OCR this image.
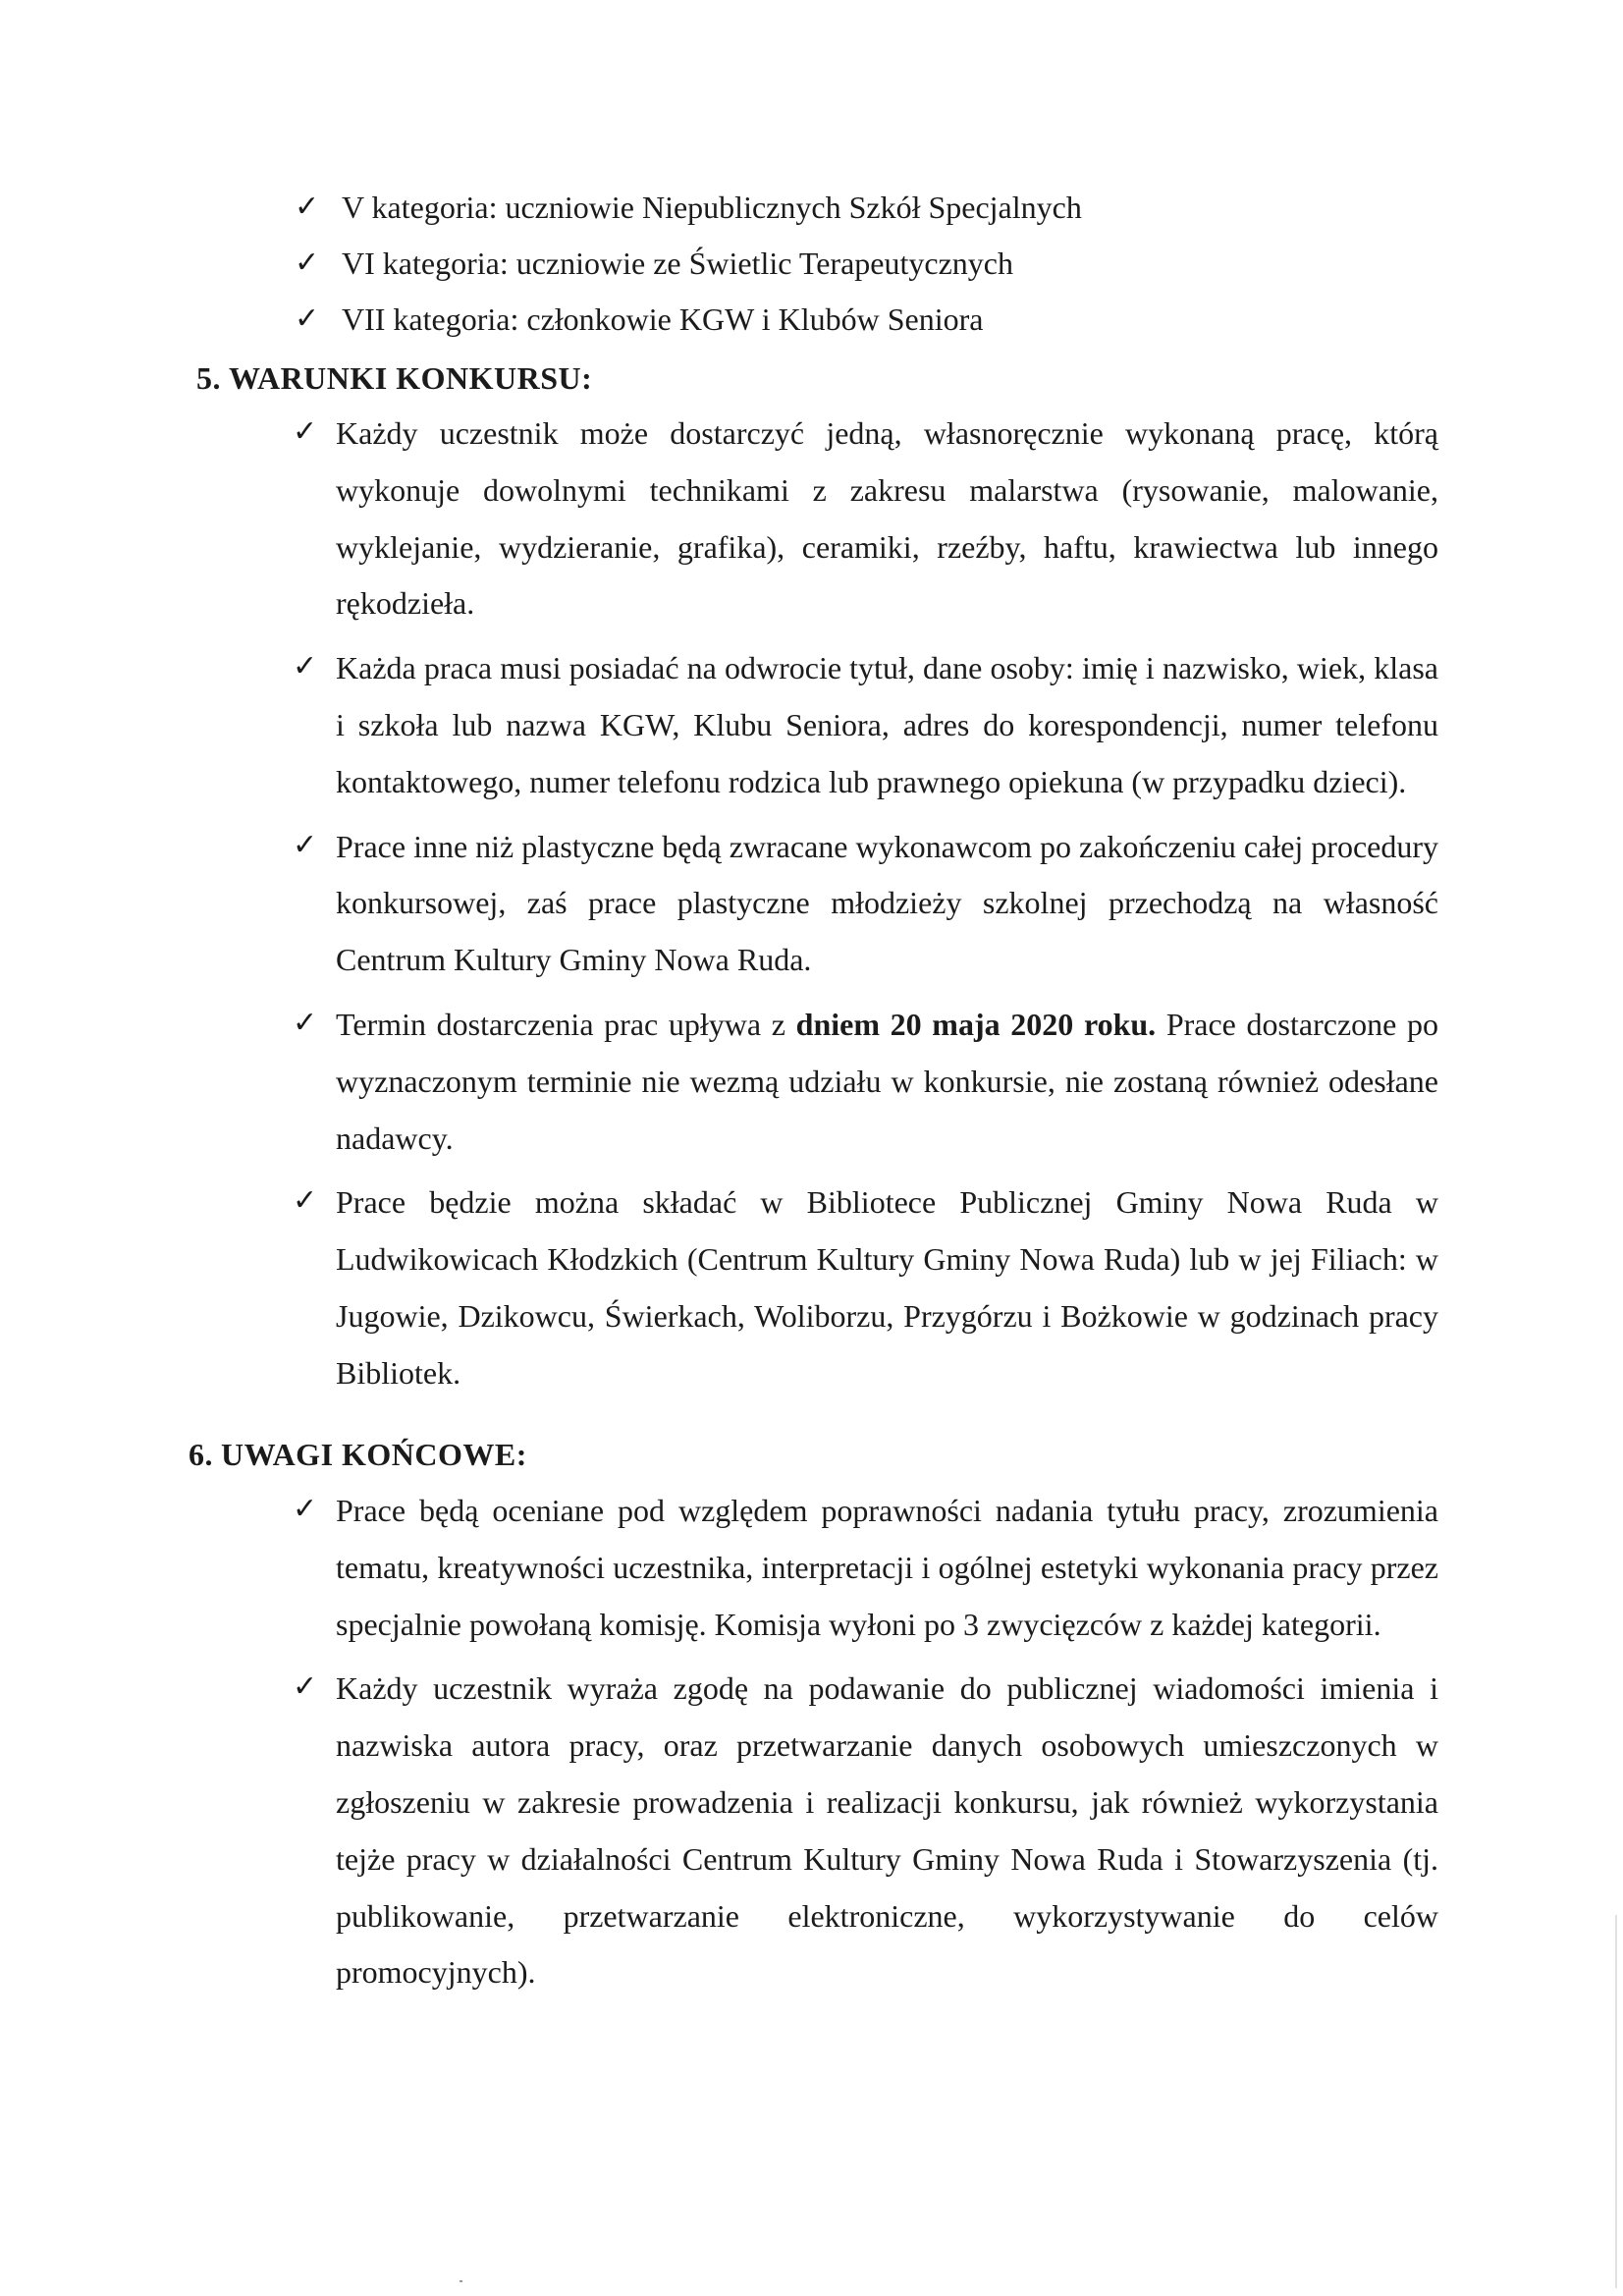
✓ V kategoria: uczniowie Niepublicznych Szkół Specjalnych
✓ VI kategoria: uczniowie ze Świetlic Terapeutycznych
✓ VII kategoria: członkowie KGW i Klubów Seniora
5. WARUNKI KONKURSU:
✓ Każdy uczestnik może dostarczyć jedną, własnoręcznie wykonaną pracę, którą wykonuje dowolnymi technikami z zakresu malarstwa (rysowanie, malowanie, wyklejanie, wydzieranie, grafika), ceramiki, rzeźby, haftu, krawiectwa lub innego rękodzieła.
✓ Każda praca musi posiadać na odwrocie tytuł, dane osoby: imię i nazwisko, wiek, klasa i szkoła lub nazwa KGW, Klubu Seniora, adres do korespondencji, numer telefonu kontaktowego, numer telefonu rodzica lub prawnego opiekuna (w przypadku dzieci).
✓ Prace inne niż plastyczne będą zwracane wykonawcom po zakończeniu całej procedury konkursowej, zaś prace plastyczne młodzieży szkolnej przechodzą na własność Centrum Kultury Gminy Nowa Ruda.
✓ Termin dostarczenia prac upływa z dniem 20 maja 2020 roku. Prace dostarczone po wyznaczonym terminie nie wezmą udziału w konkursie, nie zostaną również odesłane nadawcy.
✓ Prace będzie można składać w Bibliotece Publicznej Gminy Nowa Ruda w Ludwikowicach Kłodzkich (Centrum Kultury Gminy Nowa Ruda) lub w jej Filiach: w Jugowie, Dzikowcu, Świerkach, Woliborzu, Przygórzu i Bożkowie w godzinach pracy Bibliotek.
6. UWAGI KOŃCOWE:
✓ Prace będą oceniane pod względem poprawności nadania tytułu pracy, zrozumienia tematu, kreatywności uczestnika, interpretacji i ogólnej estetyki wykonania pracy przez specjalnie powołaną komisję. Komisja wyłoni po 3 zwycięzców z każdej kategorii.
✓ Każdy uczestnik wyraża zgodę na podawanie do publicznej wiadomości imienia i nazwiska autora pracy, oraz przetwarzanie danych osobowych umieszczonych w zgłoszeniu w zakresie prowadzenia i realizacji konkursu, jak również wykorzystania tejże pracy w działalności Centrum Kultury Gminy Nowa Ruda i Stowarzyszenia (tj. publikowanie, przetwarzanie elektroniczne, wykorzystywanie do celów promocyjnych).
